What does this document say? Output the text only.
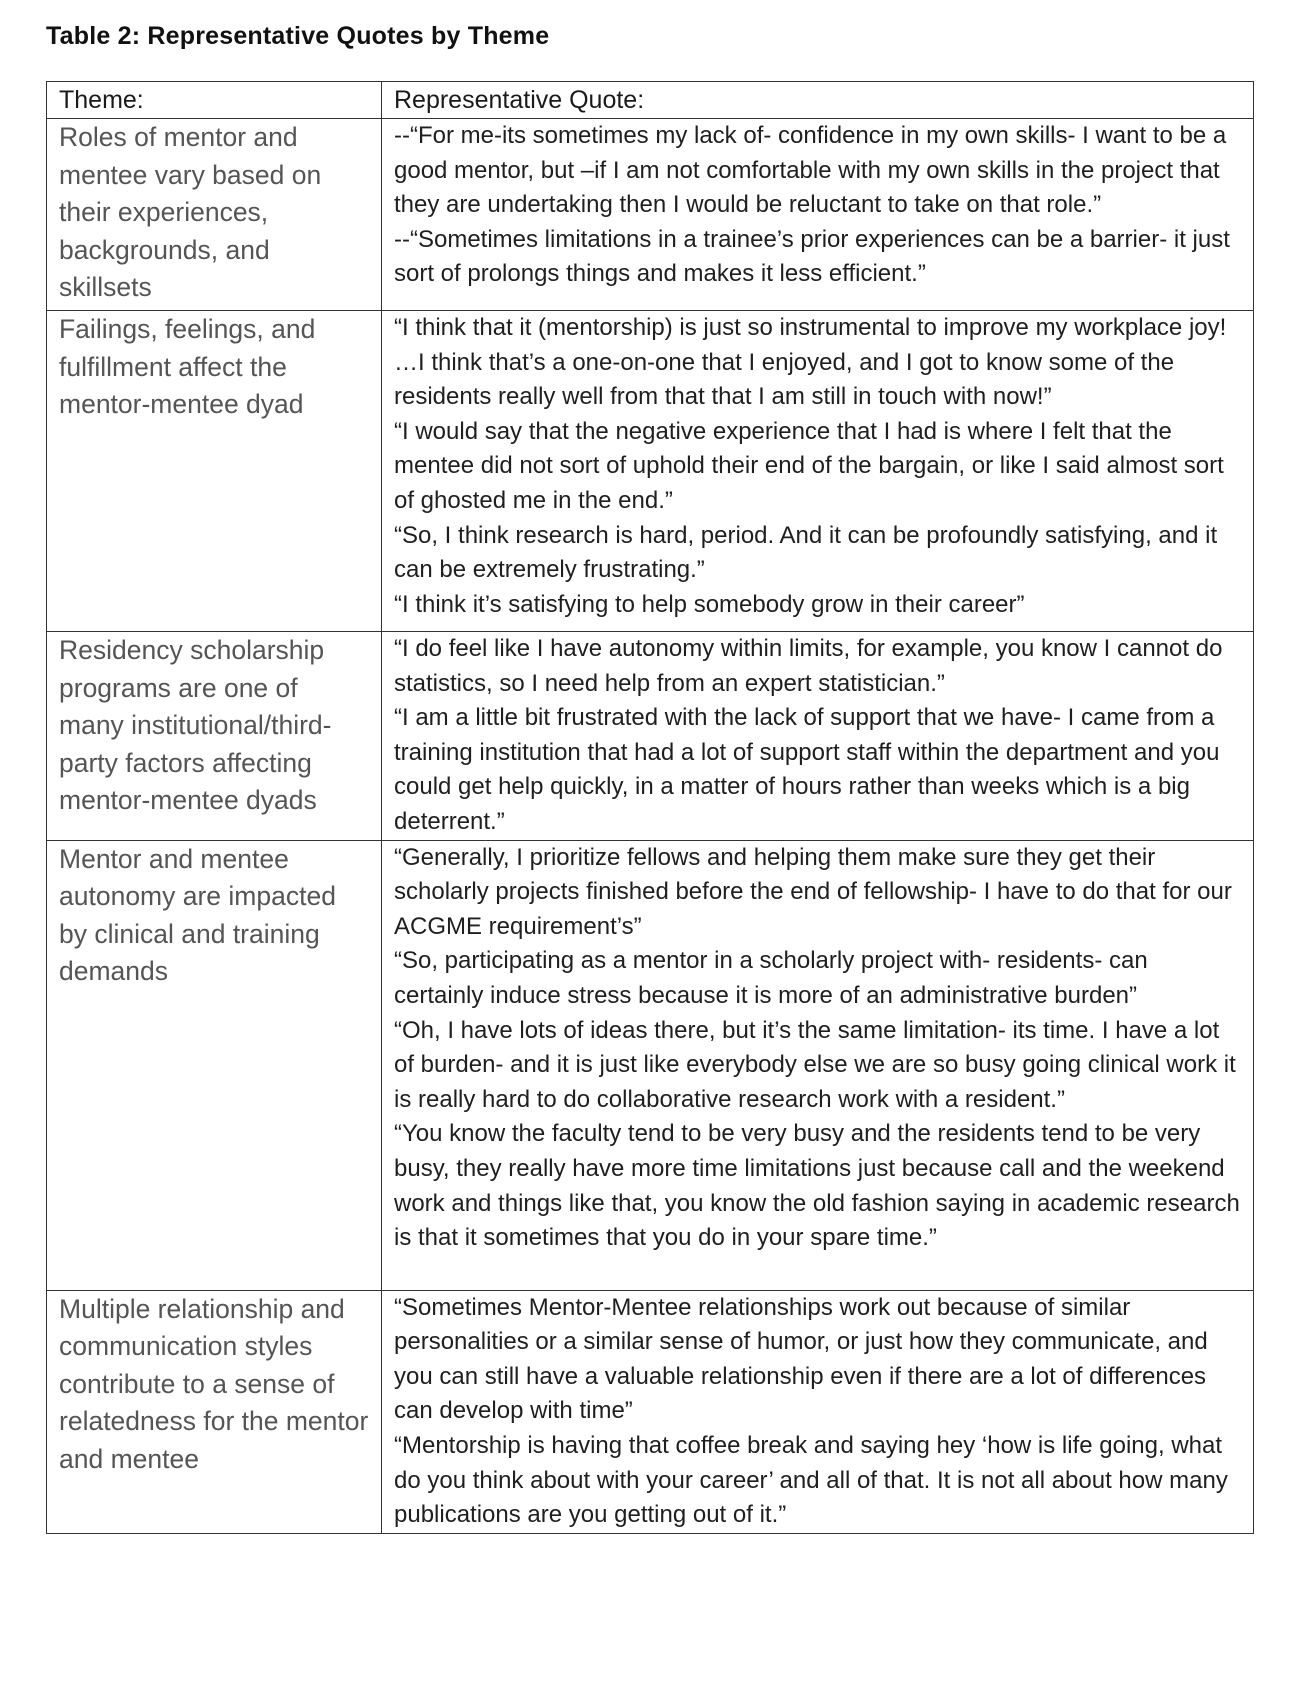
Table 2: Representative Quotes by Theme
Theme:	Representative Quote:
Roles of mentor and mentee vary based on their experiences, backgrounds, and skillsets	--“For me-its sometimes my lack of- confidence in my own skills- I want to be a good mentor, but –if I am not comfortable with my own skills in the project that they are undertaking then I would be reluctant to take on that role.”
--“Sometimes limitations in a trainee’s prior experiences can be a barrier- it just sort of prolongs things and makes it less efficient.”

Failings, feelings, and fulfillment affect the mentor-mentee dyad	“I think that it (mentorship) is just so instrumental to improve my workplace joy! …I think that’s a one-on-one that I enjoyed, and I got to know some of the residents really well from that that I am still in touch with now!”
“I would say that the negative experience that I had is where I felt that the mentee did not sort of uphold their end of the bargain, or like I said almost sort of ghosted me in the end.”
“So, I think research is hard, period. And it can be profoundly satisfying, and it can be extremely frustrating.”
“I think it’s satisfying to help somebody grow in their career”

Residency scholarship programs are one of many institutional/third-party factors affecting mentor-mentee dyads	“I do feel like I have autonomy within limits, for example, you know I cannot do statistics, so I need help from an expert statistician.”
“I am a little bit frustrated with the lack of support that we have- I came from a training institution that had a lot of support staff within the department and you could get help quickly, in a matter of hours rather than weeks which is a big deterrent.”

Mentor and mentee autonomy are impacted by clinical and training demands	“Generally, I prioritize fellows and helping them make sure they get their scholarly projects finished before the end of fellowship- I have to do that for our ACGME requirement’s”
“So, participating as a mentor in a scholarly project with- residents- can certainly induce stress because it is more of an administrative burden”
“Oh, I have lots of ideas there, but it’s the same limitation- its time. I have a lot of burden- and it is just like everybody else we are so busy going clinical work it is really hard to do collaborative research work with a resident.”
“You know the faculty tend to be very busy and the residents tend to be very busy, they really have more time limitations just because call and the weekend work and things like that, you know the old fashion saying in academic research is that it sometimes that you do in your spare time.”

Multiple relationship and communication styles contribute to a sense of relatedness for the mentor and mentee	“Sometimes Mentor-Mentee relationships work out because of similar personalities or a similar sense of humor, or just how they communicate, and you can still have a valuable relationship even if there are a lot of differences can develop with time”
“Mentorship is having that coffee break and saying hey ‘how is life going, what do you think about with your career’ and all of that. It is not all about how many publications are you getting out of it.”
